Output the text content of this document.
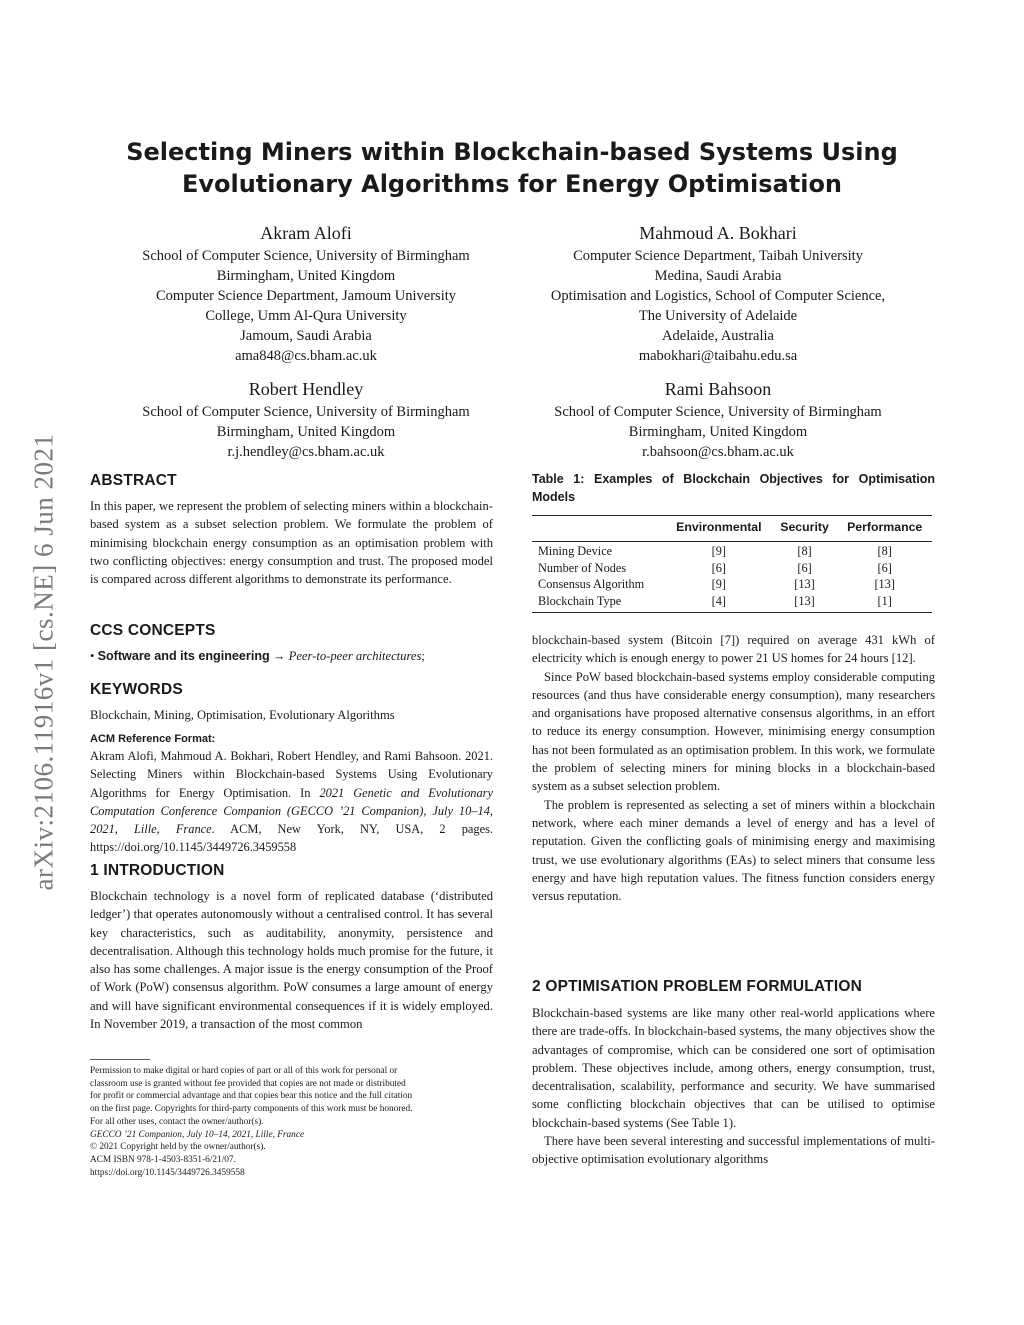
arXiv:2106.11916v1 [cs.NE] 6 Jun 2021
Selecting Miners within Blockchain-based Systems Using
Evolutionary Algorithms for Energy Optimisation
Akram Alofi
School of Computer Science, University of Birmingham
Birmingham, United Kingdom
Computer Science Department, Jamoum University
College, Umm Al-Qura University
Jamoum, Saudi Arabia
ama848@cs.bham.ac.uk
Mahmoud A. Bokhari
Computer Science Department, Taibah University
Medina, Saudi Arabia
Optimisation and Logistics, School of Computer Science,
The University of Adelaide
Adelaide, Australia
mabokhari@taibahu.edu.sa
Robert Hendley
School of Computer Science, University of Birmingham
Birmingham, United Kingdom
r.j.hendley@cs.bham.ac.uk
Rami Bahsoon
School of Computer Science, University of Birmingham
Birmingham, United Kingdom
r.bahsoon@cs.bham.ac.uk
ABSTRACT

In this paper, we represent the problem of selecting miners within a blockchain-based system as a subset selection problem. We formulate the problem of minimising blockchain energy consumption as an optimisation problem with two conflicting objectives: energy consumption and trust. The proposed model is compared across different algorithms to demonstrate its performance.

CCS CONCEPTS
• Software and its engineering → Peer-to-peer architectures;
KEYWORDS
Blockchain, Mining, Optimisation, Evolutionary Algorithms
ACM Reference Format:
Akram Alofi, Mahmoud A. Bokhari, Robert Hendley, and Rami Bahsoon. 2021. Selecting Miners within Blockchain-based Systems Using Evolutionary Algorithms for Energy Optimisation. In 2021 Genetic and Evolutionary Computation Conference Companion (GECCO ’21 Companion), July 10–14, 2021, Lille, France. ACM, New York, NY, USA, 2 pages. https://doi.org/10.1145/3449726.3459558
1 INTRODUCTION

Blockchain technology is a novel form of replicated database (‘distributed ledger’) that operates autonomously without a centralised control. It has several key characteristics, such as auditability, anonymity, persistence and decentralisation. Although this technology holds much promise for the future, it also has some challenges. A major issue is the energy consumption of the Proof of Work (PoW) consensus algorithm. PoW consumes a large amount of energy and will have significant environmental consequences if it is widely employed. In November 2019, a transaction of the most common

Permission to make digital or hard copies of part or all of this work for personal or
classroom use is granted without fee provided that copies are not made or distributed
for profit or commercial advantage and that copies bear this notice and the full citation
on the first page. Copyrights for third-party components of this work must be honored.
For all other uses, contact the owner/author(s).
GECCO ’21 Companion, July 10–14, 2021, Lille, France
© 2021 Copyright held by the owner/author(s).
ACM ISBN 978-1-4503-8351-6/21/07.
https://doi.org/10.1145/3449726.3459558
Table 1: Examples of Blockchain Objectives for Optimisation Models
	Environmental	Security	Performance

Mining Device	[9]	[8]	[8]
Number of Nodes	[6]	[6]	[6]
Consensus Algorithm	[9]	[13]	[13]
Blockchain Type	[4]	[13]	[1]

blockchain-based system (Bitcoin [7]) required on average 431 kWh of electricity which is enough energy to power 21 US homes for 24 hours [12].

Since PoW based blockchain-based systems employ considerable computing resources (and thus have considerable energy consumption), many researchers and organisations have proposed alternative consensus algorithms, in an effort to reduce its energy consumption. However, minimising energy consumption has not been formulated as an optimisation problem. In this work, we formulate the problem of selecting miners for mining blocks in a blockchain-based system as a subset selection problem.

The problem is represented as selecting a set of miners within a blockchain network, where each miner demands a level of energy and has a level of reputation. Given the conflicting goals of minimising energy and maximising trust, we use evolutionary algorithms (EAs) to select miners that consume less energy and have high reputation values. The fitness function considers energy versus reputation.

2 OPTIMISATION PROBLEM FORMULATION

Blockchain-based systems are like many other real-world applications where there are trade-offs. In blockchain-based systems, the many objectives show the advantages of compromise, which can be considered one sort of optimisation problem. These objectives include, among others, energy consumption, trust, decentralisation, scalability, performance and security. We have summarised some conflicting blockchain objectives that can be utilised to optimise blockchain-based systems (See Table 1).

There have been several interesting and successful implementations of multi-objective optimisation evolutionary algorithms
